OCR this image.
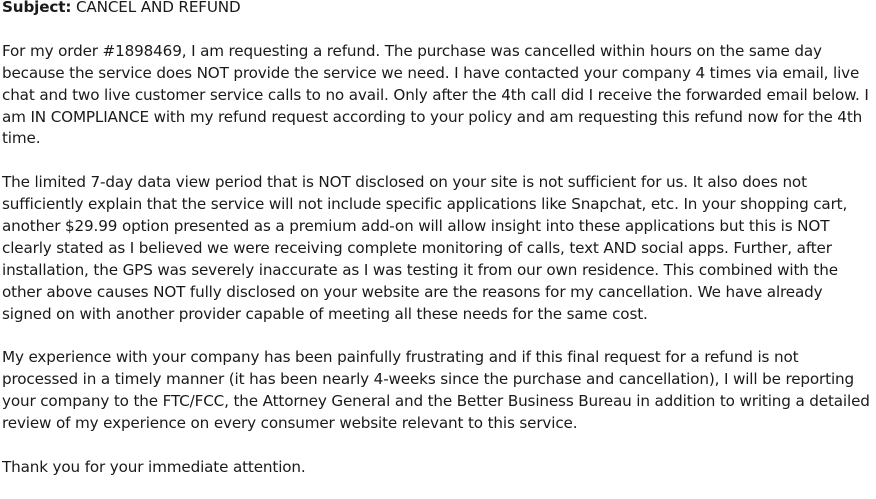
Subject: CANCEL AND REFUND

For my order #1898469, I am requesting a refund. The purchase was cancelled within hours on the same day
because the service does NOT provide the service we need. I have contacted your company 4 times via email, live
chat and two live customer service calls to no avail. Only after the 4th call did I receive the forwarded email below. I
am IN COMPLIANCE with my refund request according to your policy and am requesting this refund now for the 4th
time.

The limited 7-day data view period that is NOT disclosed on your site is not sufficient for us. It also does not
sufficiently explain that the service will not include specific applications like Snapchat, etc. In your shopping cart,
another $29.99 option presented as a premium add-on will allow insight into these applications but this is NOT
clearly stated as I believed we were receiving complete monitoring of calls, text AND social apps. Further, after
installation, the GPS was severely inaccurate as I was testing it from our own residence. This combined with the
other above causes NOT fully disclosed on your website are the reasons for my cancellation. We have already
signed on with another provider capable of meeting all these needs for the same cost.

My experience with your company has been painfully frustrating and if this final request for a refund is not
processed in a timely manner (it has been nearly 4-weeks since the purchase and cancellation), I will be reporting
your company to the FTC/FCC, the Attorney General and the Better Business Bureau in addition to writing a detailed
review of my experience on every consumer website relevant to this service.

Thank you for your immediate attention.
